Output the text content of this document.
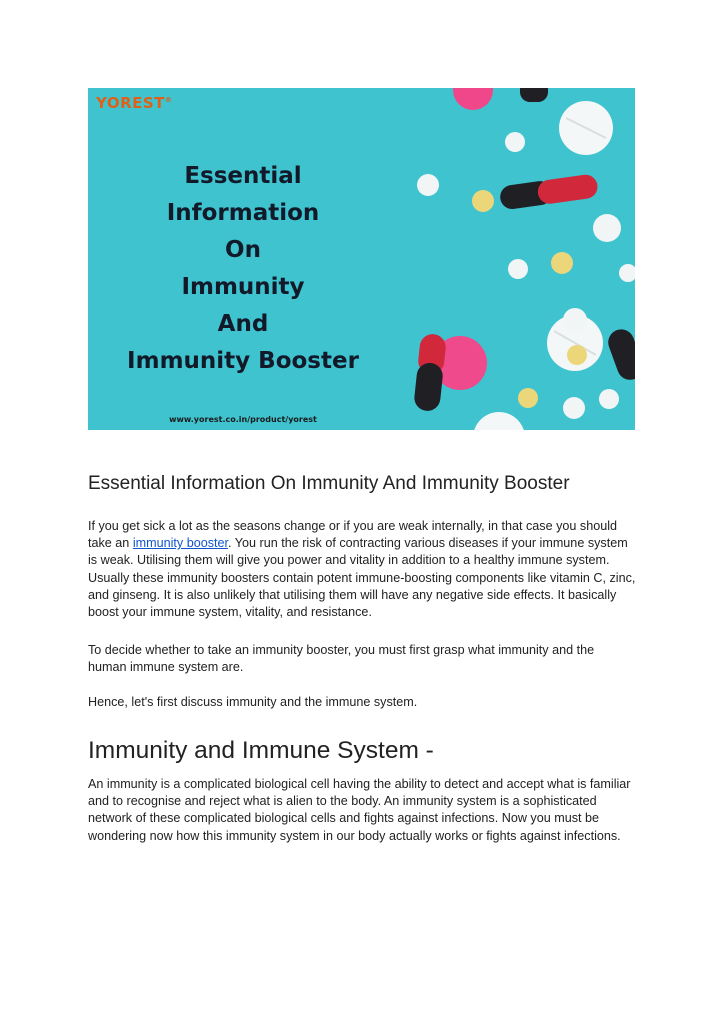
YOREST®
Essential
Information
On
Immunity
And
Immunity Booster
www.yorest.co.in/product/yorest
Essential Information On Immunity And Immunity Booster

If you get sick a lot as the seasons change or if you are weak internally, in that case you should take an immunity booster. You run the risk of contracting various diseases if your immune system is weak. Utilising them will give you power and vitality in addition to a healthy immune system. Usually these immunity boosters contain potent immune-boosting components like vitamin C, zinc, and ginseng. It is also unlikely that utilising them will have any negative side effects. It basically boost your immune system, vitality, and resistance.

To decide whether to take an immunity booster, you must first grasp what immunity and the human immune system are.

Hence, let's first discuss immunity and the immune system.

Immunity and Immune System -

An immunity is a complicated biological cell having the ability to detect and accept what is familiar and to recognise and reject what is alien to the body. An immunity system is a sophisticated network of these complicated biological cells and fights against infections. Now you must be wondering now how this immunity system in our body actually works or fights against infections.
